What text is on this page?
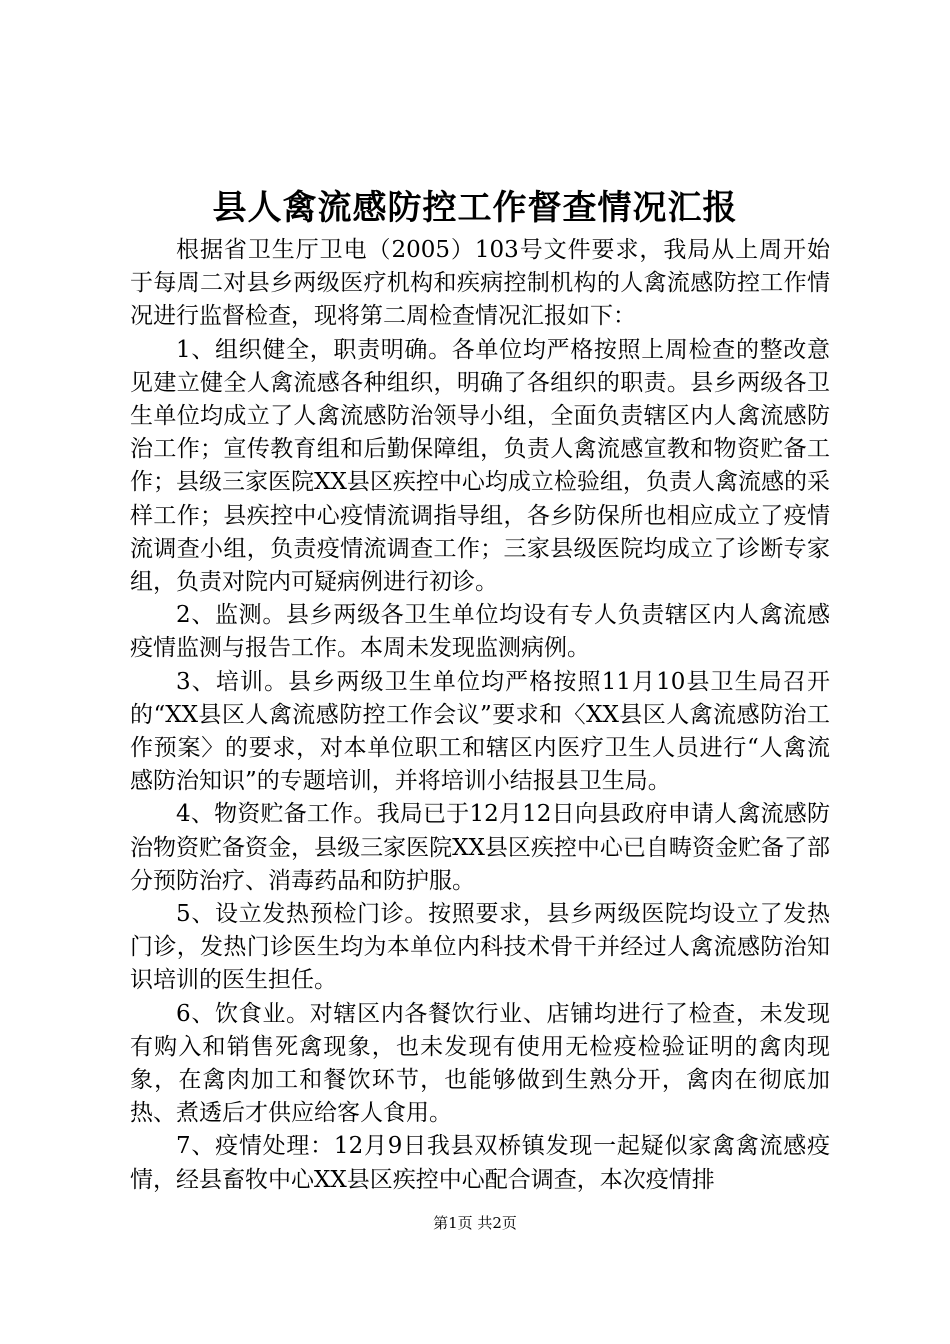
县人禽流感防控工作督查情况汇报

根据省卫生厅卫电（2005）103号文件要求，我局从上周开始于每周二对县乡两级医疗机构和疾病控制机构的人禽流感防控工作情况进行监督检查，现将第二周检查情况汇报如下：

1、组织健全，职责明确。各单位均严格按照上周检查的整改意见建立健全人禽流感各种组织，明确了各组织的职责。县乡两级各卫生单位均成立了人禽流感防治领导小组，全面负责辖区内人禽流感防治工作；宣传教育组和后勤保障组，负责人禽流感宣教和物资贮备工作；县级三家医院XX县区疾控中心均成立检验组，负责人禽流感的采样工作；县疾控中心疫情流调指导组，各乡防保所也相应成立了疫情流调查小组，负责疫情流调查工作；三家县级医院均成立了诊断专家组，负责对院内可疑病例进行初诊。

2、监测。县乡两级各卫生单位均设有专人负责辖区内人禽流感疫情监测与报告工作。本周未发现监测病例。

3、培训。县乡两级卫生单位均严格按照11月10县卫生局召开的“XX县区人禽流感防控工作会议”要求和〈XX县区人禽流感防治工作预案〉的要求，对本单位职工和辖区内医疗卫生人员进行“人禽流感防治知识”的专题培训，并将培训小结报县卫生局。

4、物资贮备工作。我局已于12月12日向县政府申请人禽流感防治物资贮备资金，县级三家医院XX县区疾控中心已自畴资金贮备了部分预防治疗、消毒药品和防护服。

5、设立发热预检门诊。按照要求，县乡两级医院均设立了发热门诊，发热门诊医生均为本单位内科技术骨干并经过人禽流感防治知识培训的医生担任。

6、饮食业。对辖区内各餐饮行业、店铺均进行了检查，未发现有购入和销售死禽现象，也未发现有使用无检疫检验证明的禽肉现象，在禽肉加工和餐饮环节，也能够做到生熟分开，禽肉在彻底加热、煮透后才供应给客人食用。

7、疫情处理：12月9日我县双桥镇发现一起疑似家禽禽流感疫情，经县畜牧中心XX县区疾控中心配合调查，本次疫情排

第1页 共2页
